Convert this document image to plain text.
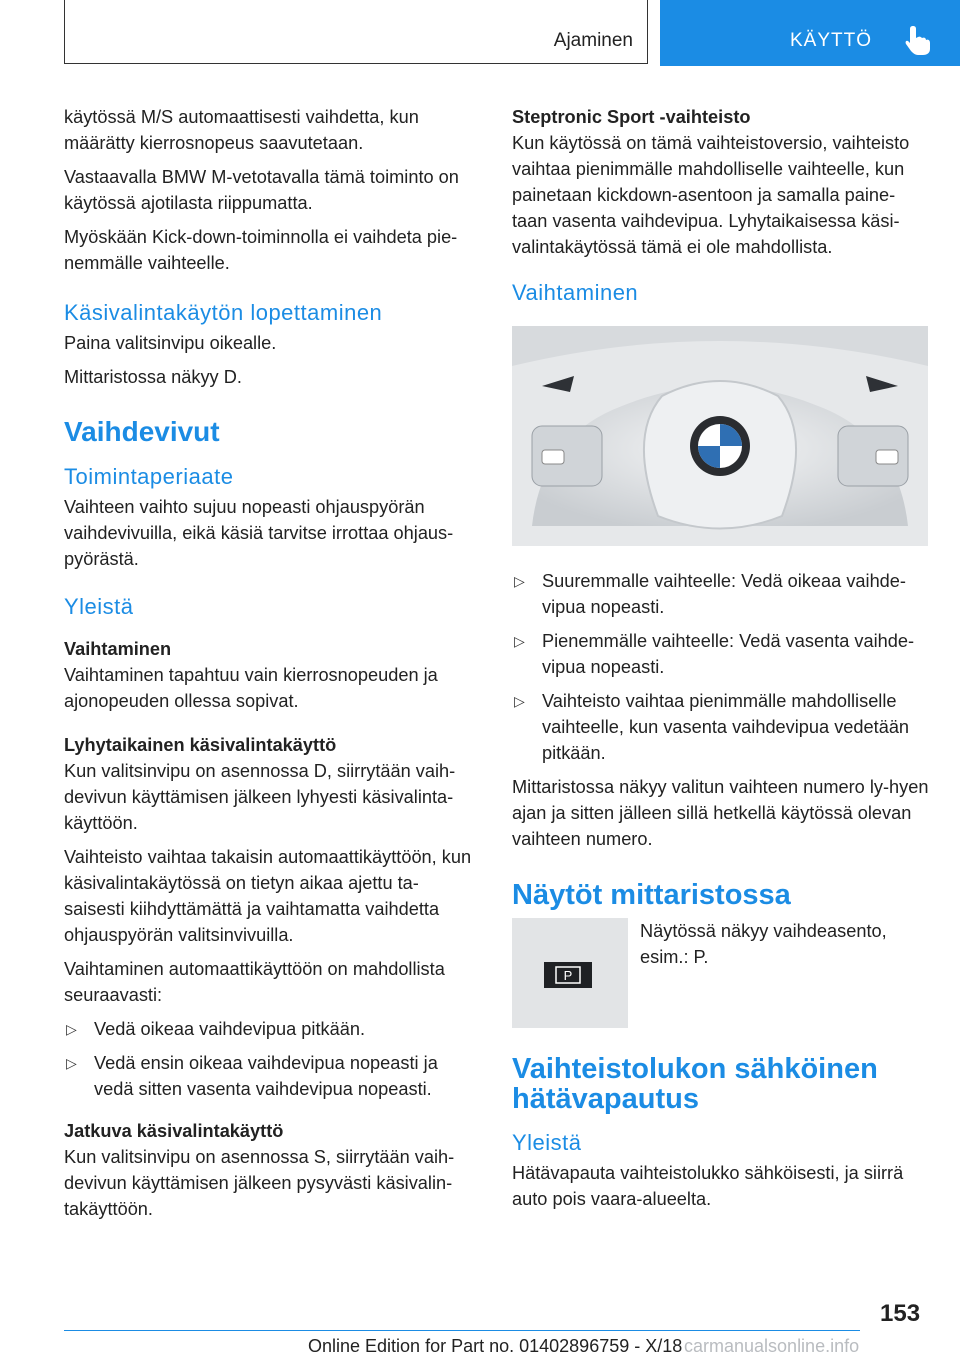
Ajaminen	KÄYTTÖ

käytössä M/S automaattisesti vaihdetta, kun määrätty kierrosnopeus saavutetaan.

Vastaavalla BMW M-vetotavalla tämä toiminto on käytössä ajotilasta riippumatta.

Myöskään Kick-down-toiminnolla ei vaihdeta pie-nemmälle vaihteelle.

Käsivalintakäytön lopettaminen

Paina valitsinvipu oikealle.

Mittaristossa näkyy D.

Vaihdevivut
Toimintaperiaate

Vaihteen vaihto sujuu nopeasti ohjauspyörän vaihdevivuilla, eikä käsiä tarvitse irrottaa ohjaus-pyörästä.

Yleistä
Vaihtaminen

Vaihtaminen tapahtuu vain kierrosnopeuden ja ajonopeuden ollessa sopivat.

Lyhytaikainen käsivalintakäyttö

Kun valitsinvipu on asennossa D, siirrytään vaih-devivun käyttämisen jälkeen lyhyesti käsivalinta-käyttöön.

Vaihteisto vaihtaa takaisin automaattikäyttöön, kun käsivalintakäytössä on tietyn aikaa ajettu ta-saisesti kiihdyttämättä ja vaihtamatta vaihdetta ohjauspyörän valitsinvivuilla.

Vaihtaminen automaattikäyttöön on mahdollista seuraavasti:

▷ Vedä oikeaa vaihdevipua pitkään.
▷ Vedä ensin oikeaa vaihdevipua nopeasti ja vedä sitten vasenta vaihdevipua nopeasti.
Jatkuva käsivalintakäyttö

Kun valitsinvipu on asennossa S, siirrytään vaih-devivun käyttämisen jälkeen pysyvästi käsivalin-takäyttöön.

Steptronic Sport -vaihteisto

Kun käytössä on tämä vaihteistoversio, vaihteisto vaihtaa pienimmälle mahdolliselle vaihteelle, kun painetaan kickdown-asentoon ja samalla paine-taan vasenta vaihdevipua. Lyhytaikaisessa käsi-valintakäytössä tämä ei ole mahdollista.

Vaihtaminen
▷ Suuremmalle vaihteelle: Vedä oikeaa vaihde-vipua nopeasti.
▷ Pienemmälle vaihteelle: Vedä vasenta vaihde-vipua nopeasti.
▷ Vaihteisto vaihtaa pienimmälle mahdolliselle vaihteelle, kun vasenta vaihdevipua vedetään pitkään.

Mittaristossa näkyy valitun vaihteen numero ly-hyen ajan ja sitten jälleen sillä hetkellä käytössä olevan vaihteen numero.

Näytöt mittaristossa
P

Näytössä näkyy vaihdeasento, esim.: P.

Vaihteistolukon sähköinen hätävapautus
Yleistä

Hätävapauta vaihteistolukko sähköisesti, ja siirrä auto pois vaara-alueelta.

153
Online Edition for Part no. 01402896759 - X/18 carmanualsonline.info
